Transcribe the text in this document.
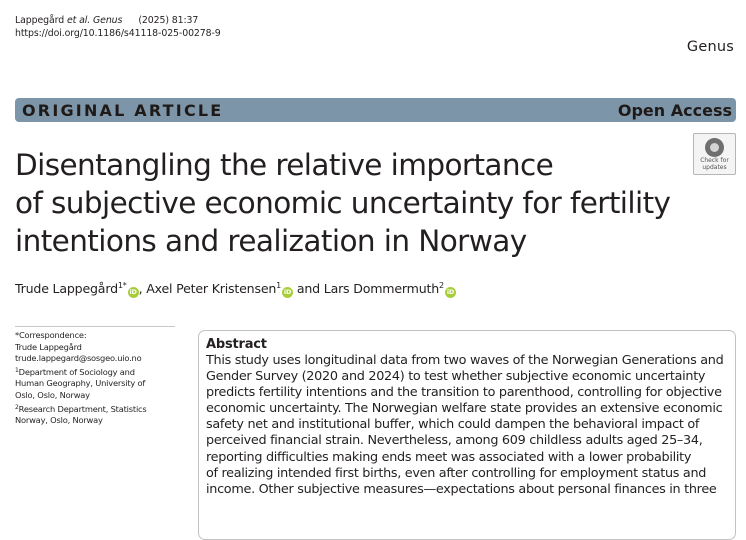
Lappegård et al. Genus (2025) 81:37
https://doi.org/10.1186/s41118-025-00278-9
Genus
ORIGINAL ARTICLE	Open Access
Check for
updates
Disentangling the relative importance
of subjective economic uncertainty for fertility
intentions and realization in Norway
Trude Lappegård$^{1*}$iD , Axel Peter Kristensen$^1$iD and Lars Dommermuth$^2$iD
*Correspondence:
Trude Lappegård
trude.lappegard@sosgeo.uio.no
$^1$Department of Sociology and
Human Geography, University of
Oslo, Oslo, Norway
$^2$Research Department, Statistics
Norway, Oslo, Norway
Abstract
This study uses longitudinal data from two waves of the Norwegian Generations and
Gender Survey (2020 and 2024) to test whether subjective economic uncertainty
predicts fertility intentions and the transition to parenthood, controlling for objective
economic uncertainty. The Norwegian welfare state provides an extensive economic
safety net and institutional buffer, which could dampen the behavioral impact of
perceived financial strain. Nevertheless, among 609 childless adults aged 25–34,
reporting difficulties making ends meet was associated with a lower probability
of realizing intended first births, even after controlling for employment status and
income. Other subjective measures—expectations about personal finances in three
